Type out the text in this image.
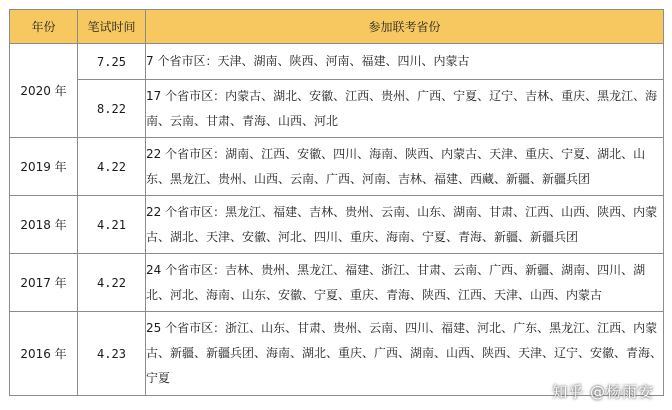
年份	笔试时间	参加联考省份
2020 年	7.25	7 个省市区：天津、湖南、陕西、河南、福建、四川、内蒙古
	8.22	17 个省市区：内蒙古、湖北、安徽、江西、贵州、广西、宁夏、辽宁、吉林、重庆、黑龙江、海南、云南、甘肃、青海、山西、河北
2019 年	4.22	22 个省市区：湖南、江西、安徽、四川、海南、陕西、内蒙古、天津、重庆、宁夏、湖北、山东、黑龙江、贵州、山西、云南、广西、河南、吉林、福建、西藏、新疆、新疆兵团
2018 年	4.21	22 个省市区：黑龙江、福建、吉林、贵州、云南、山东、湖南、甘肃、江西、山西、陕西、内蒙古、湖北、天津、安徽、河北、四川、重庆、海南、宁夏、青海、新疆、新疆兵团
2017 年	4.22	24 个省市区：吉林、贵州、黑龙江、福建、浙江、甘肃、云南、广西、新疆、湖南、四川、湖北、河北、海南、山东、安徽、宁夏、重庆、青海、陕西、江西、天津、山西、内蒙古
2016 年	4.23	25 个省市区：浙江、山东、甘肃、贵州、云南、四川、福建、河北、广东、黑龙江、江西、内蒙古、新疆、新疆兵团、海南、湖北、重庆、广西、湖南、山西、陕西、天津、辽宁、安徽、青海、宁夏
知乎 @杨雨安
